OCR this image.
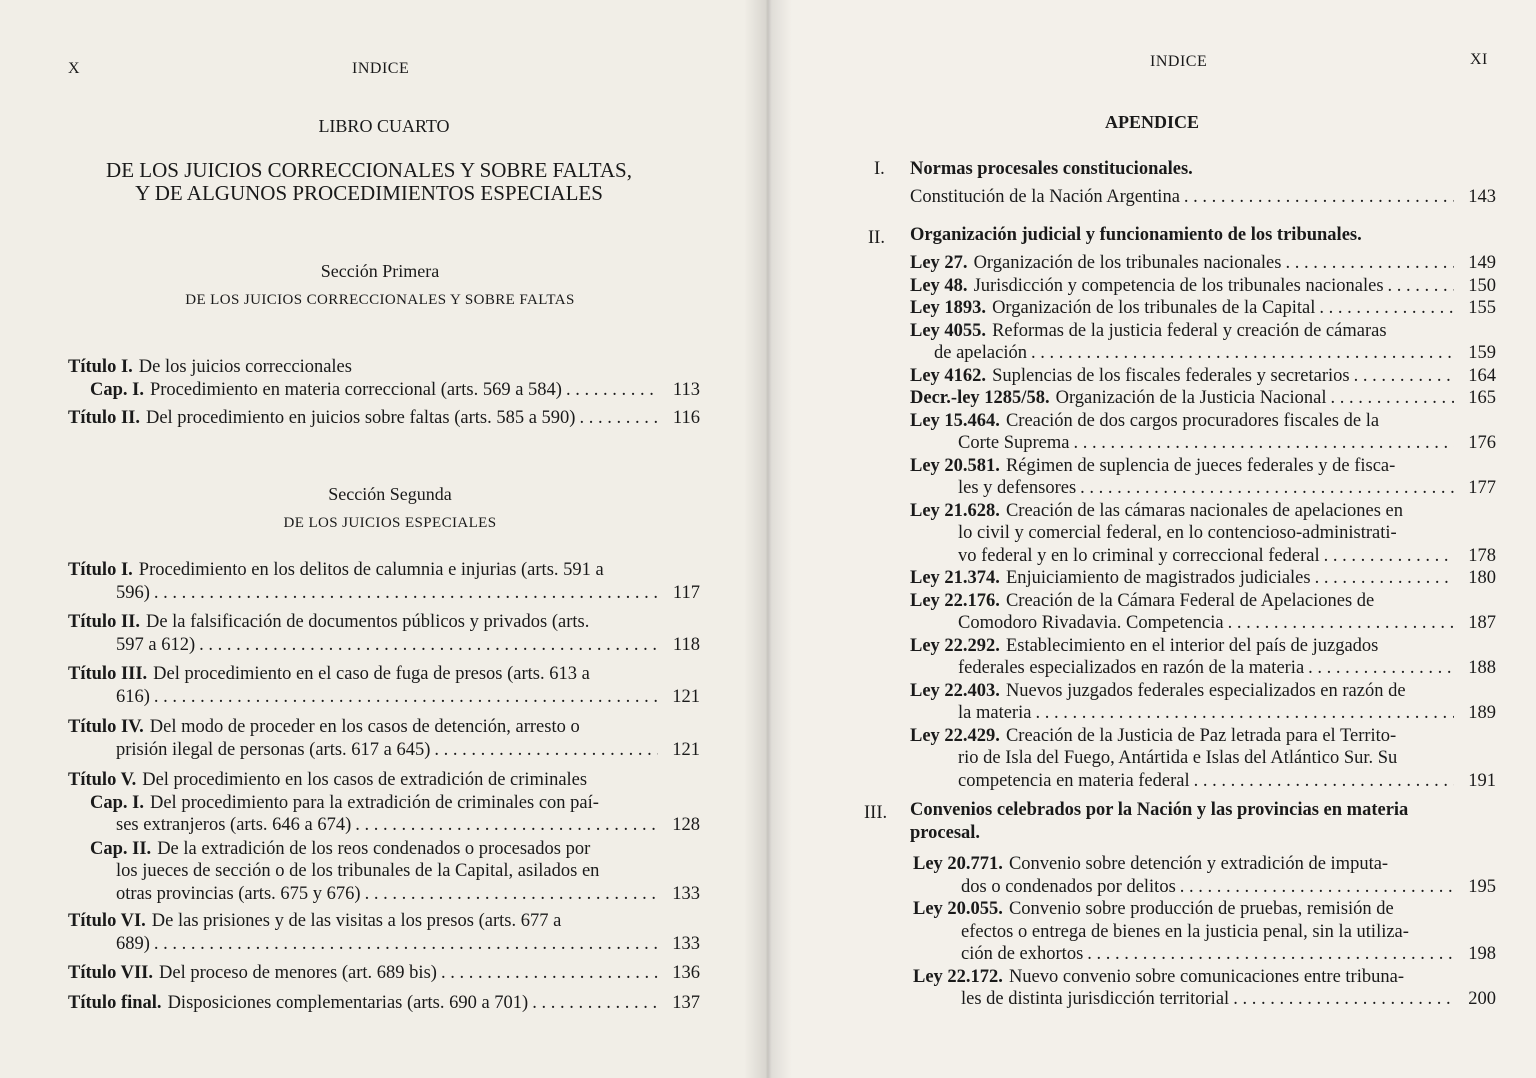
X	INDICE
LIBRO CUARTO
DE LOS JUICIOS CORRECCIONALES Y SOBRE FALTAS,
Y DE ALGUNOS PROCEDIMIENTOS ESPECIALES
Sección Primera
DE LOS JUICIOS CORRECCIONALES Y SOBRE FALTAS
Título I. De los juicios correccionales
Cap. I. Procedimiento en materia correccional (arts. 569 a 584) . . .	113
Título II. Del procedimiento en juicios sobre faltas (arts. 585 a 590) . . .	116
Sección Segunda
DE LOS JUICIOS ESPECIALES
Título I. Procedimiento en los delitos de calumnia e injurias (arts. 591 a
596) . . .	117
Título II. De la falsificación de documentos públicos y privados (arts.
597 a 612) . . .	118
Título III. Del procedimiento en el caso de fuga de presos (arts. 613 a
616) . . .	121
Título IV. Del modo de proceder en los casos de detención, arresto o
prisión ilegal de personas (arts. 617 a 645) . . .	121
Título V. Del procedimiento en los casos de extradición de criminales
Cap. I. Del procedimiento para la extradición de criminales con paí-
ses extranjeros (arts. 646 a 674) . . .	128
Cap. II. De la extradición de los reos condenados o procesados por
los jueces de sección o de los tribunales de la Capital, asilados en
otras provincias (arts. 675 y 676) . . .	133
Título VI. De las prisiones y de las visitas a los presos (arts. 677 a
689) . . .	133
Título VII. Del proceso de menores (art. 689 bis) . . .	136
Título final. Disposiciones complementarias (arts. 690 a 701) . . .	137
INDICE	XI
APENDICE
I. Normas procesales constitucionales.
Constitución de la Nación Argentina . . .	143
II. Organización judicial y funcionamiento de los tribunales.
Ley 27. Organización de los tribunales nacionales . . .	149
Ley 48. Jurisdicción y competencia de los tribunales nacionales . . .	150
Ley 1893. Organización de los tribunales de la Capital . . .	155
Ley 4055. Reformas de la justicia federal y creación de cámaras
de apelación . . .	159
Ley 4162. Suplencias de los fiscales federales y secretarios . . .	164
Decr.-ley 1285/58. Organización de la Justicia Nacional . . .	165
Ley 15.464. Creación de dos cargos procuradores fiscales de la
Corte Suprema . . .	176
Ley 20.581. Régimen de suplencia de jueces federales y de fisca-
les y defensores . . .	177
Ley 21.628. Creación de las cámaras nacionales de apelaciones en
lo civil y comercial federal, en lo contencioso-administrati-
vo federal y en lo criminal y correccional federal . . .	178
Ley 21.374. Enjuiciamiento de magistrados judiciales . . .	180
Ley 22.176. Creación de la Cámara Federal de Apelaciones de
Comodoro Rivadavia. Competencia . . .	187
Ley 22.292. Establecimiento en el interior del país de juzgados
federales especializados en razón de la materia . . .	188
Ley 22.403. Nuevos juzgados federales especializados en razón de
la materia . . .	189
Ley 22.429. Creación de la Justicia de Paz letrada para el Territo-
rio de Isla del Fuego, Antártida e Islas del Atlántico Sur. Su
competencia en materia federal . . .	191
III. Convenios celebrados por la Nación y las provincias en materia
procesal.
Ley 20.771. Convenio sobre detención y extradición de imputa-
dos o condenados por delitos . . .	195
Ley 20.055. Convenio sobre producción de pruebas, remisión de
efectos o entrega de bienes en la justicia penal, sin la utiliza-
ción de exhortos . . .	198
Ley 22.172. Nuevo convenio sobre comunicaciones entre tribuna-
les de distinta jurisdicción territorial . . .	200
